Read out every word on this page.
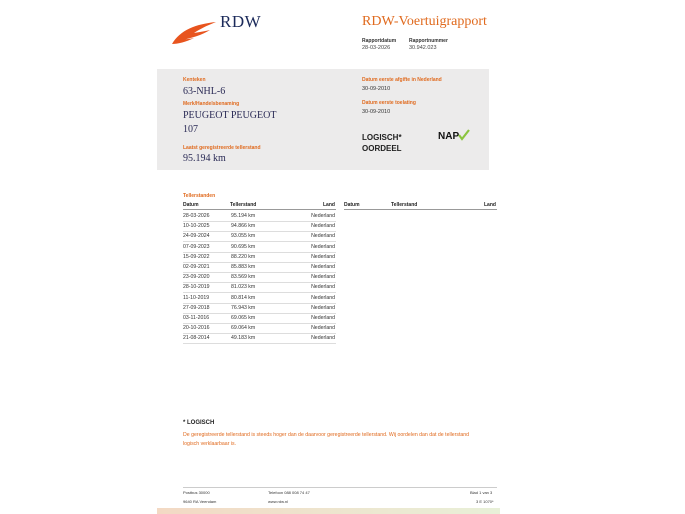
RDW	RDW-Voertuigrapport
Rapportdatum
28-03-2026
Rapportnummer
30.942.023
Kenteken
63-NHL-6
Merk/Handelsbenaming
PEUGEOT PEUGEOT
107
Laatst geregistreerde tellerstand
95.194 km
Datum eerste afgifte in Nederland
30-09-2010
Datum eerste toelating
30-09-2010
LOGISCH*
OORDEEL
NAP
Tellerstanden
Datum	Tellerstand	Land Datum	Tellerstand	Land
28-03-2026	95.194 km	Nederland
10-10-2025	94.866 km	Nederland
24-09-2024	93.055 km	Nederland
07-09-2023	90.695 km	Nederland
15-09-2022	88.220 km	Nederland
02-09-2021	85.883 km	Nederland
23-09-2020	83.569 km	Nederland
28-10-2019	81.023 km	Nederland
11-10-2019	80.814 km	Nederland
27-09-2018	76.943 km	Nederland
03-11-2016	69.065 km	Nederland
20-10-2016	69.064 km	Nederland
21-08-2014	49.183 km	Nederland
* LOGISCH
De geregistreerde tellerstand is steeds hoger dan de daarvoor geregistreerde tellerstand. Wij oordelen dan dat de tellerstand logisch verklaarbaar is.
Postbus 30000
9640 RA Veendam
Telefoon 088 008 74 47
www.rdw.nl
Blad 1 van 3
3 E 1070*
